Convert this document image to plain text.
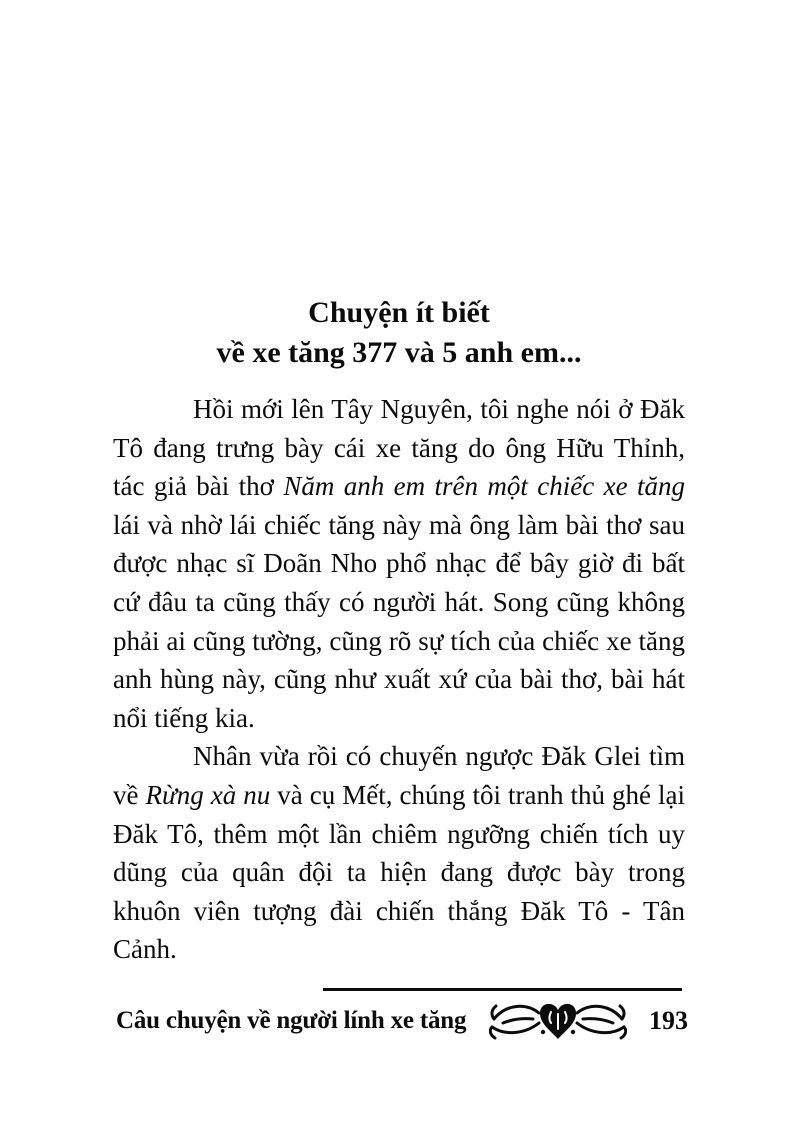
Chuyện ít biết
về xe tăng 377 và 5 anh em...

Hồi mới lên Tây Nguyên, tôi nghe nói ở Đăk Tô đang trưng bày cái xe tăng do ông Hữu Thỉnh, tác giả bài thơ Năm anh em trên một chiếc xe tăng lái và nhờ lái chiếc tăng này mà ông làm bài thơ sau được nhạc sĩ Doãn Nho phổ nhạc để bây giờ đi bất cứ đâu ta cũng thấy có người hát. Song cũng không phải ai cũng tường, cũng rõ sự tích của chiếc xe tăng anh hùng này, cũng như xuất xứ của bài thơ, bài hát nổi tiếng kia.

Nhân vừa rồi có chuyến ngược Đăk Glei tìm về Rừng xà nu và cụ Mết, chúng tôi tranh thủ ghé lại Đăk Tô, thêm một lần chiêm ngưỡng chiến tích uy dũng của quân đội ta hiện đang được bày trong khuôn viên tượng đài chiến thắng Đăk Tô - Tân Cảnh.

Câu chuyện về người lính xe tăng	193
